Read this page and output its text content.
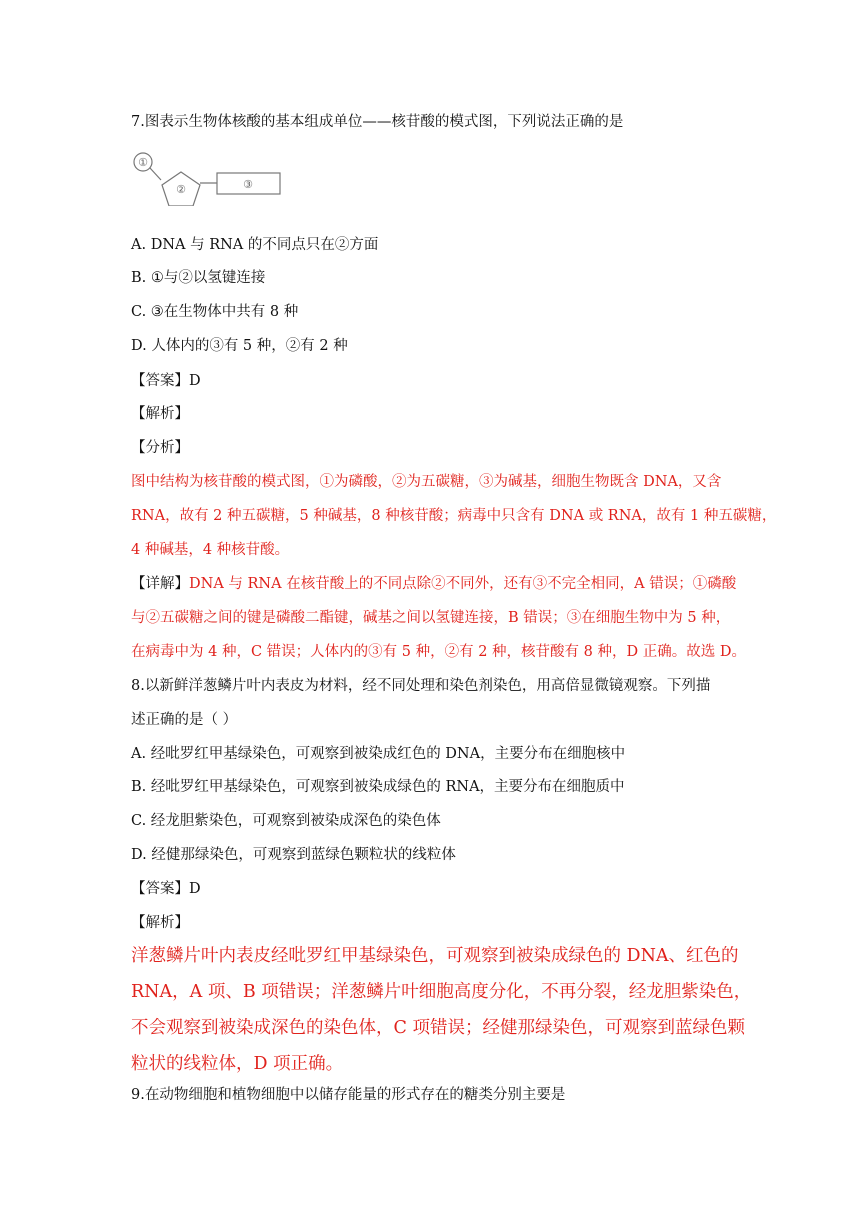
7.图表示生物体核酸的基本组成单位——核苷酸的模式图，下列说法正确的是
①
②	③
A. DNA 与 RNA 的不同点只在②方面
B. ①与②以氢键连接
C. ③在生物体中共有 8 种
D. 人体内的③有 5 种，②有 2 种
【答案】D
【解析】
【分析】
图中结构为核苷酸的模式图，①为磷酸，②为五碳糖，③为碱基，细胞生物既含 DNA，又含
RNA，故有 2 种五碳糖，5 种碱基，8 种核苷酸；病毒中只含有 DNA 或 RNA，故有 1 种五碳糖，
4 种碱基，4 种核苷酸。
【详解】DNA 与 RNA 在核苷酸上的不同点除②不同外，还有③不完全相同，A 错误；①磷酸
与②五碳糖之间的键是磷酸二酯键，碱基之间以氢键连接，B 错误；③在细胞生物中为 5 种，
在病毒中为 4 种，C 错误；人体内的③有 5 种，②有 2 种，核苷酸有 8 种，D 正确。故选 D。
8.以新鲜洋葱鳞片叶内表皮为材料，经不同处理和染色剂染色，用高倍显微镜观察。下列描
述正确的是（ ）
A. 经吡罗红甲基绿染色，可观察到被染成红色的 DNA，主要分布在细胞核中
B. 经吡罗红甲基绿染色，可观察到被染成绿色的 RNA，主要分布在细胞质中
C. 经龙胆紫染色，可观察到被染成深色的染色体
D. 经健那绿染色，可观察到蓝绿色颗粒状的线粒体
【答案】D
【解析】
洋葱鳞片叶内表皮经吡罗红甲基绿染色，可观察到被染成绿色的 DNA、红色的
RNA，A 项、B 项错误；洋葱鳞片叶细胞高度分化，不再分裂，经龙胆紫染色，
不会观察到被染成深色的染色体，C 项错误；经健那绿染色，可观察到蓝绿色颗
粒状的线粒体，D 项正确。
9.在动物细胞和植物细胞中以储存能量的形式存在的糖类分别主要是
